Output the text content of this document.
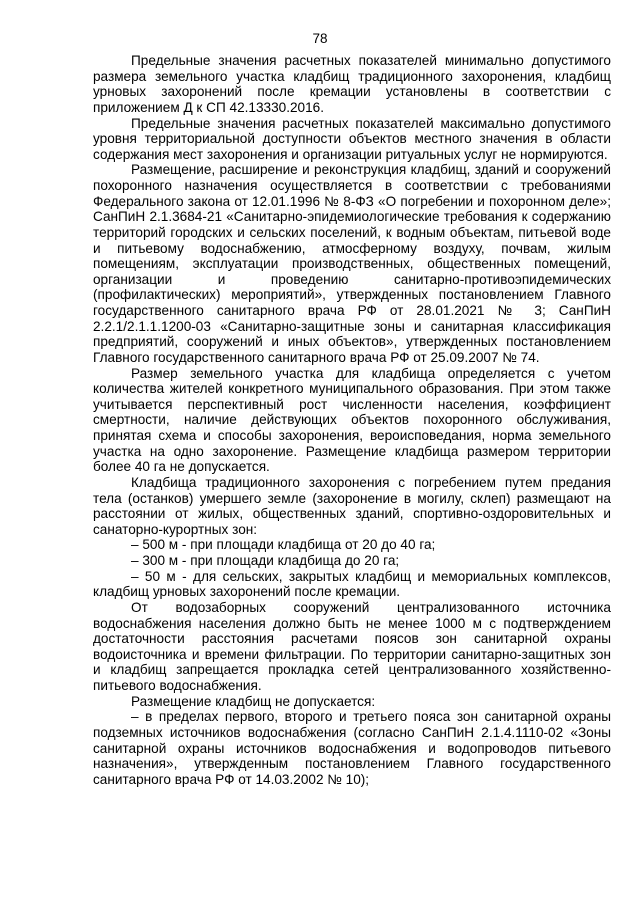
78

Предельные значения расчетных показателей минимально допустимого размера земельного участка кладбищ традиционного захоронения, кладбищ урновых захоронений после кремации установлены в соответствии с приложением Д к СП 42.13330.2016.

Предельные значения расчетных показателей максимально допустимого уровня территориальной доступности объектов местного значения в области содержания мест захоронения и организации ритуальных услуг не нормируются.

Размещение, расширение и реконструкция кладбищ, зданий и сооружений похоронного назначения осуществляется в соответствии с требованиями Федерального закона от 12.01.1996 № 8-ФЗ «О погребении и похоронном деле»; СанПиН 2.1.3684-21 «Санитарно-эпидемиологические требования к содержанию территорий городских и сельских поселений, к водным объектам, питьевой воде и питьевому водоснабжению, атмосферному воздуху, почвам, жилым помещениям, эксплуатации производственных, общественных помещений, организации и проведению санитарно-противоэпидемических (профилактических) мероприятий», утвержденных постановлением Главного государственного санитарного врача РФ от 28.01.2021 № 3; СанПиН 2.2.1/2.1.1.1200-03 «Санитарно-защитные зоны и санитарная классификация предприятий, сооружений и иных объектов», утвержденных постановлением Главного государственного санитарного врача РФ от 25.09.2007 № 74.

Размер земельного участка для кладбища определяется с учетом количества жителей конкретного муниципального образования. При этом также учитывается перспективный рост численности населения, коэффициент смертности, наличие действующих объектов похоронного обслуживания, принятая схема и способы захоронения, вероисповедания, норма земельного участка на одно захоронение. Размещение кладбища размером территории более 40 га не допускается.

Кладбища традиционного захоронения с погребением путем предания тела (останков) умершего земле (захоронение в могилу, склеп) размещают на расстоянии от жилых, общественных зданий, спортивно-оздоровительных и санаторно-курортных зон:

– 500 м - при площади кладбища от 20 до 40 га;

– 300 м - при площади кладбища до 20 га;

– 50 м - для сельских, закрытых кладбищ и мемориальных комплексов, кладбищ урновых захоронений после кремации.

От водозаборных сооружений централизованного источника водоснабжения населения должно быть не менее 1000 м с подтверждением достаточности расстояния расчетами поясов зон санитарной охраны водоисточника и времени фильтрации. По территории санитарно-защитных зон и кладбищ запрещается прокладка сетей централизованного хозяйственно-питьевого водоснабжения.

Размещение кладбищ не допускается:

– в пределах первого, второго и третьего пояса зон санитарной охраны подземных источников водоснабжения (согласно СанПиН 2.1.4.1110-02 «Зоны санитарной охраны источников водоснабжения и водопроводов питьевого назначения», утвержденным постановлением Главного государственного санитарного врача РФ от 14.03.2002 № 10);
